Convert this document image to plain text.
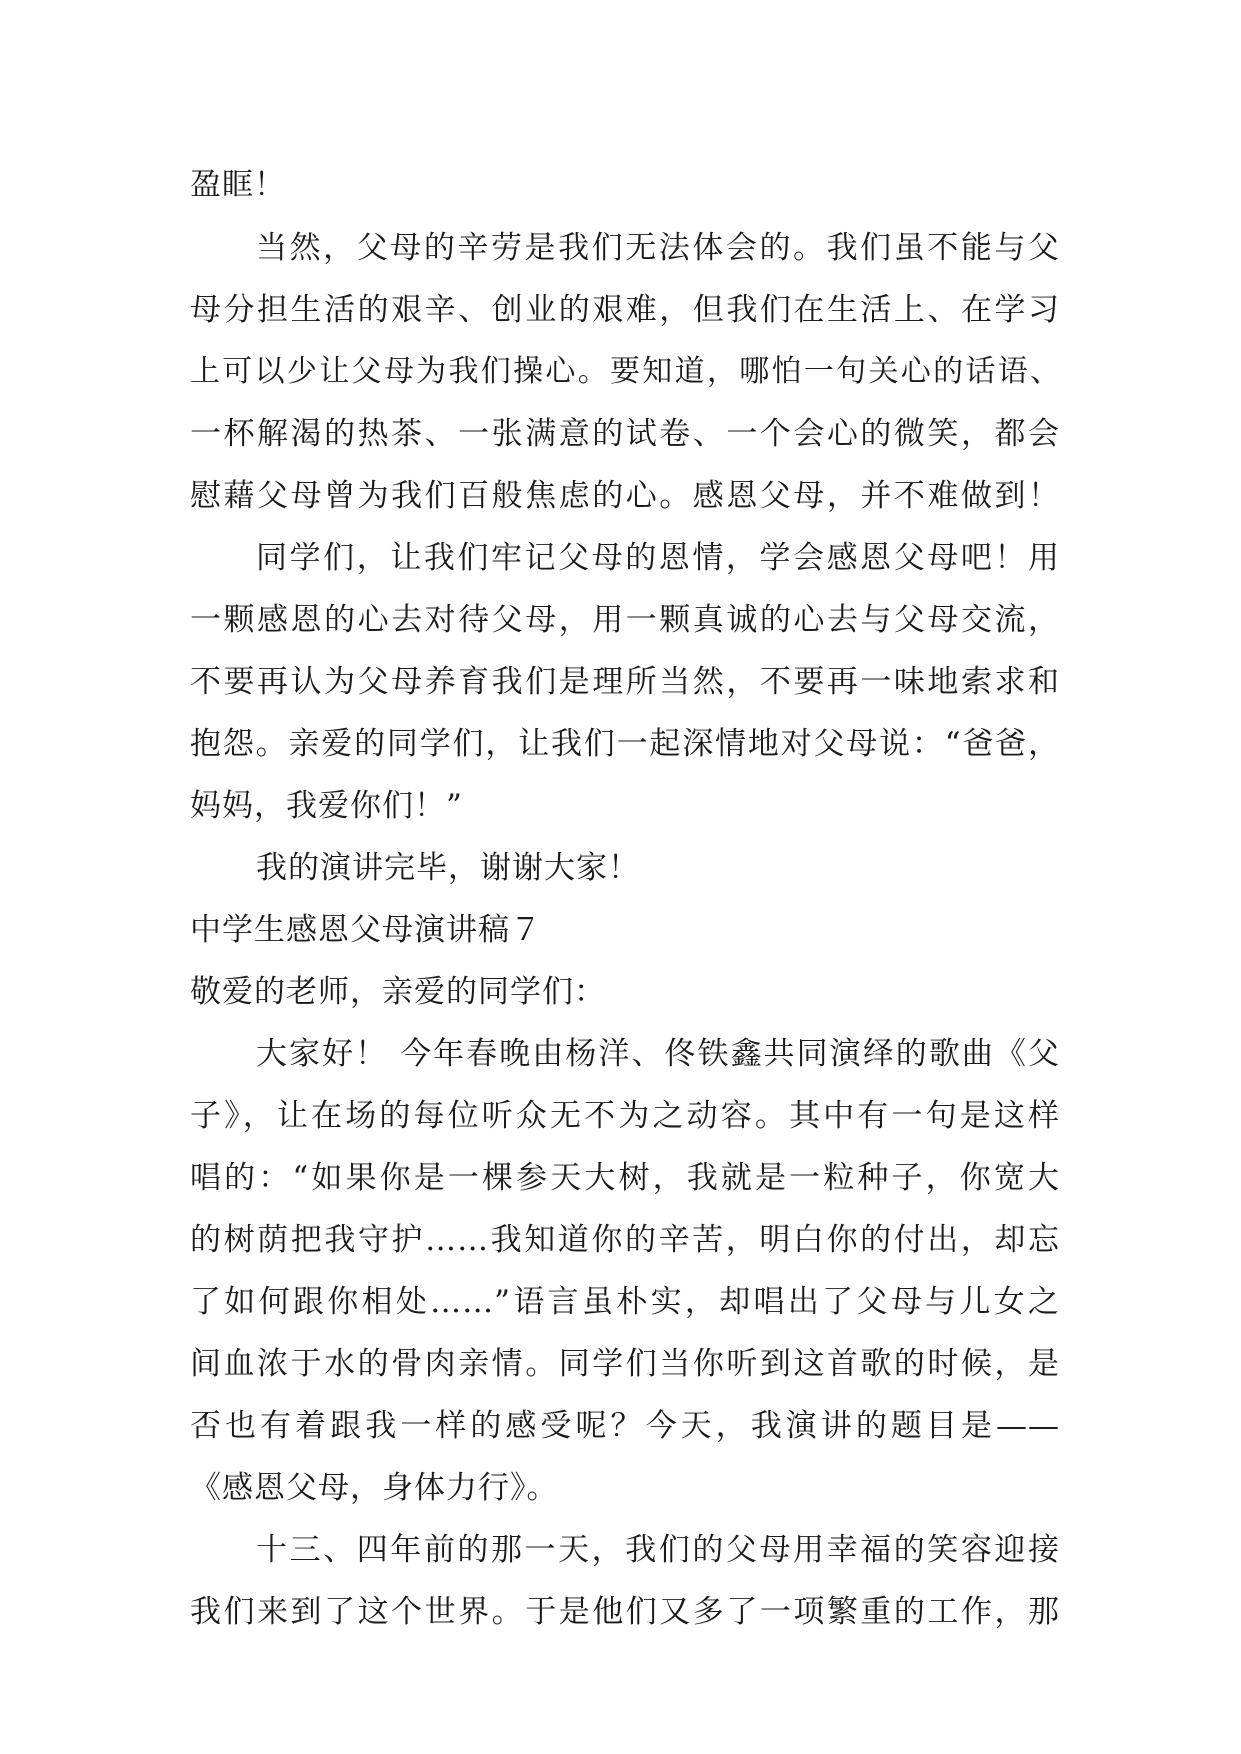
盈眶！
当然，父母的辛劳是我们无法体会的。我们虽不能与父
母分担生活的艰辛、创业的艰难，但我们在生活上、在学习
上可以少让父母为我们操心。要知道，哪怕一句关心的话语、
一杯解渴的热茶、一张满意的试卷、一个会心的微笑，都会
慰藉父母曾为我们百般焦虑的心。感恩父母，并不难做到！
同学们，让我们牢记父母的恩情，学会感恩父母吧！用
一颗感恩的心去对待父母，用一颗真诚的心去与父母交流，
不要再认为父母养育我们是理所当然，不要再一味地索求和
抱怨。亲爱的同学们，让我们一起深情地对父母说：“爸爸，
妈妈，我爱你们！”
我的演讲完毕，谢谢大家！
中学生感恩父母演讲稿７
敬爱的老师，亲爱的同学们：
大家好！ 今年春晚由杨洋、佟铁鑫共同演绎的歌曲《父
子》，让在场的每位听众无不为之动容。其中有一句是这样
唱的：“如果你是一棵参天大树，我就是一粒种子，你宽大
的树荫把我守护……我知道你的辛苦，明白你的付出，却忘
了如何跟你相处……”语言虽朴实，却唱出了父母与儿女之
间血浓于水的骨肉亲情。同学们当你听到这首歌的时候，是
否也有着跟我一样的感受呢？今天，我演讲的题目是——
《感恩父母，身体力行》。
十三、四年前的那一天，我们的父母用幸福的笑容迎接
我们来到了这个世界。于是他们又多了一项繁重的工作，那
